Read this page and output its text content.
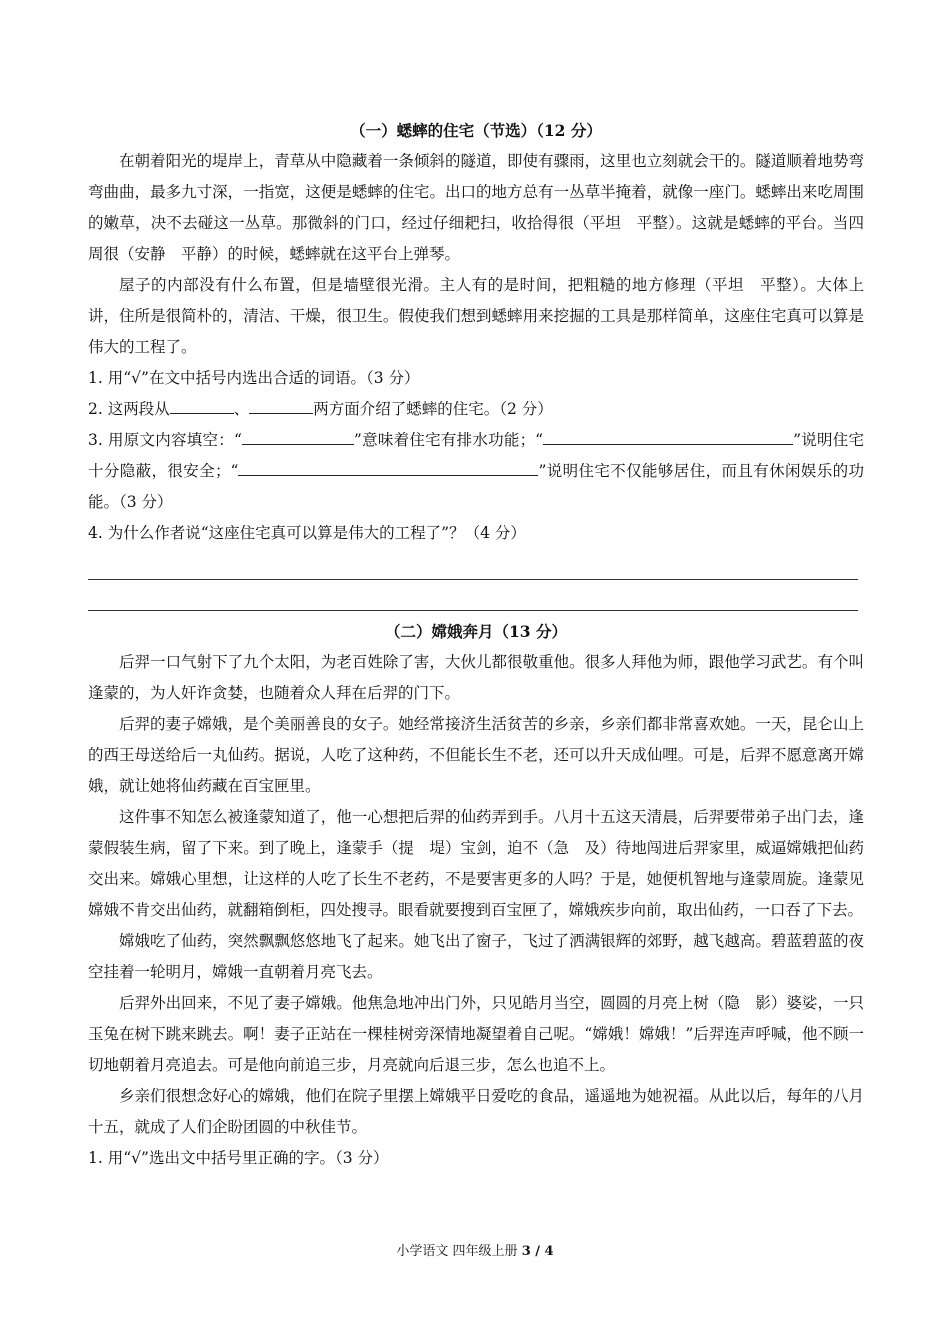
（一）蟋蟀的住宅（节选）（12 分）

在朝着阳光的堤岸上，青草从中隐藏着一条倾斜的隧道，即使有骤雨，这里也立刻就会干的。隧道顺着地势弯弯曲曲，最多九寸深，一指宽，这便是蟋蟀的住宅。出口的地方总有一丛草半掩着，就像一座门。蟋蟀出来吃周围的嫩草，决不去碰这一丛草。那微斜的门口，经过仔细耙扫，收拾得很（平坦　平整）。这就是蟋蟀的平台。当四周很（安静　平静）的时候，蟋蟀就在这平台上弹琴。

屋子的内部没有什么布置，但是墙壁很光滑。主人有的是时间，把粗糙的地方修理（平坦　平整）。大体上讲，住所是很简朴的，清洁、干燥，很卫生。假使我们想到蟋蟀用来挖掘的工具是那样简单，这座住宅真可以算是伟大的工程了。

1. 用“√”在文中括号内选出合适的词语。（3 分）

2. 这两段从	、	两方面介绍了蟋蟀的住宅。（2 分）

3. 用原文内容填空：“	”意味着住宅有排水功能；“	”说明住宅十分隐蔽，很安全；“	”说明住宅不仅能够居住，而且有休闲娱乐的功能。（3 分）

4. 为什么作者说“这座住宅真可以算是伟大的工程了”？（4 分）

（二）嫦娥奔月（13 分）

后羿一口气射下了九个太阳，为老百姓除了害，大伙儿都很敬重他。很多人拜他为师，跟他学习武艺。有个叫逢蒙的，为人奸诈贪婪，也随着众人拜在后羿的门下。

后羿的妻子嫦娥，是个美丽善良的女子。她经常接济生活贫苦的乡亲，乡亲们都非常喜欢她。一天，昆仑山上的西王母送给后一丸仙药。据说，人吃了这种药，不但能长生不老，还可以升天成仙哩。可是，后羿不愿意离开嫦娥，就让她将仙药藏在百宝匣里。

这件事不知怎么被逢蒙知道了，他一心想把后羿的仙药弄到手。八月十五这天清晨，后羿要带弟子出门去，逢蒙假装生病，留了下来。到了晚上，逢蒙手（提　堤）宝剑，迫不（急　及）待地闯进后羿家里，威逼嫦娥把仙药交出来。嫦娥心里想，让这样的人吃了长生不老药，不是要害更多的人吗？于是，她便机智地与逢蒙周旋。逢蒙见嫦娥不肯交出仙药，就翻箱倒柜，四处搜寻。眼看就要搜到百宝匣了，嫦娥疾步向前，取出仙药，一口吞了下去。

嫦娥吃了仙药，突然飘飘悠悠地飞了起来。她飞出了窗子，飞过了洒满银辉的郊野，越飞越高。碧蓝碧蓝的夜空挂着一轮明月，嫦娥一直朝着月亮飞去。

后羿外出回来，不见了妻子嫦娥。他焦急地冲出门外，只见皓月当空，圆圆的月亮上树（隐　影）婆娑，一只玉兔在树下跳来跳去。啊！妻子正站在一棵桂树旁深情地凝望着自己呢。“嫦娥！嫦娥！”后羿连声呼喊，他不顾一切地朝着月亮追去。可是他向前追三步，月亮就向后退三步，怎么也追不上。

乡亲们很想念好心的嫦娥，他们在院子里摆上嫦娥平日爱吃的食品，遥遥地为她祝福。从此以后，每年的八月十五，就成了人们企盼团圆的中秋佳节。

1. 用“√”选出文中括号里正确的字。（3 分）

小学语文 四年级上册 3 / 4
